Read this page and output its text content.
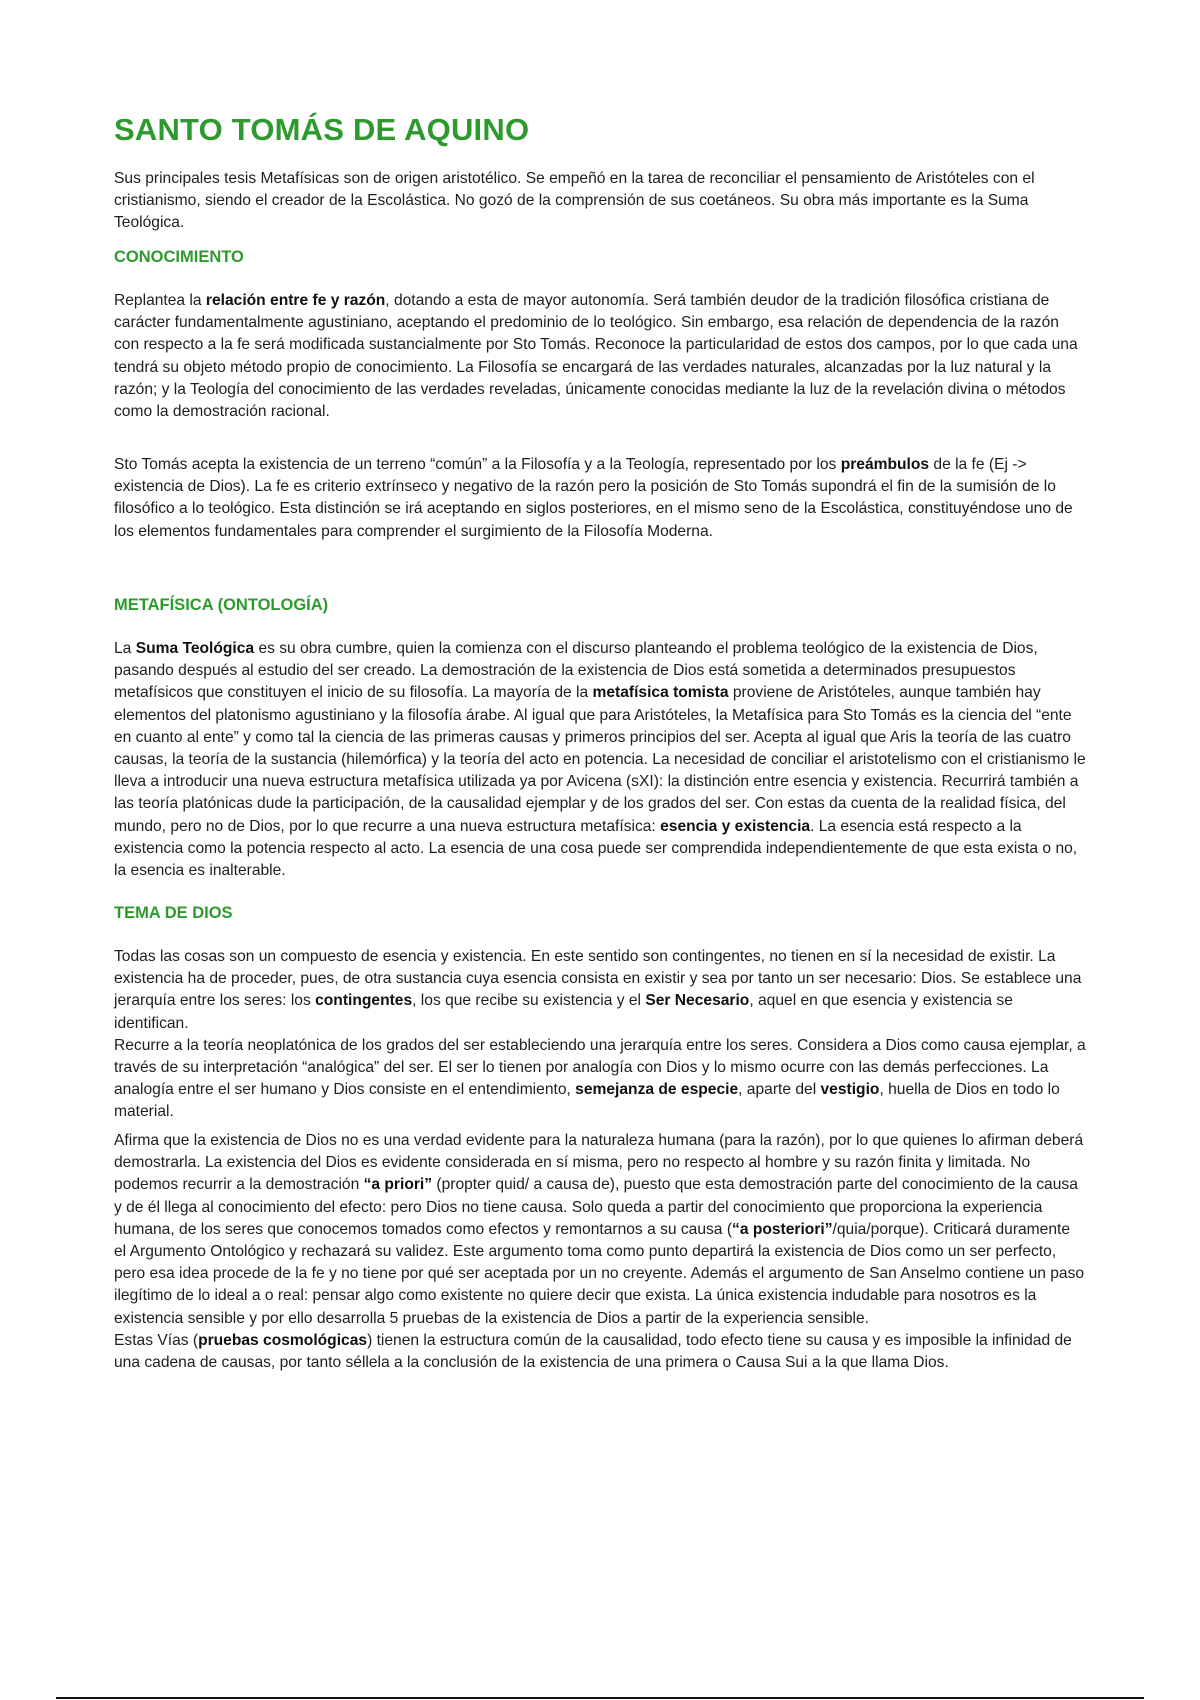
SANTO TOMÁS DE AQUINO

Sus principales tesis Metafísicas son de origen aristotélico. Se empeñó en la tarea de reconciliar el pensamiento de Aristóteles con el cristianismo, siendo el creador de la Escolástica. No gozó de la comprensión de sus coetáneos. Su obra más importante es la Suma Teológica.

CONOCIMIENTO

Replantea la relación entre fe y razón, dotando a esta de mayor autonomía. Será también deudor de la tradición filosófica cristiana de carácter fundamentalmente agustiniano, aceptando el predominio de lo teológico. Sin embargo, esa relación de dependencia de la razón con respecto a la fe será modificada sustancialmente por Sto Tomás. Reconoce la particularidad de estos dos campos, por lo que cada una tendrá su objeto método propio de conocimiento. La Filosofía se encargará de las verdades naturales, alcanzadas por la luz natural y la razón; y la Teología del conocimiento de las verdades reveladas, únicamente conocidas mediante la luz de la revelación divina o métodos como la demostración racional.

Sto Tomás acepta la existencia de un terreno “común” a la Filosofía y a la Teología, representado por los preámbulos de la fe (Ej -> existencia de Dios). La fe es criterio extrínseco y negativo de la razón pero la posición de Sto Tomás supondrá el fin de la sumisión de lo filosófico a lo teológico. Esta distinción se irá aceptando en siglos posteriores, en el mismo seno de la Escolástica, constituyéndose uno de los elementos fundamentales para comprender el surgimiento de la Filosofía Moderna.

METAFÍSICA (ONTOLOGÍA)

La Suma Teológica es su obra cumbre, quien la comienza con el discurso planteando el problema teológico de la existencia de Dios, pasando después al estudio del ser creado. La demostración de la existencia de Dios está sometida a determinados presupuestos metafísicos que constituyen el inicio de su filosofía. La mayoría de la metafísica tomista proviene de Aristóteles, aunque también hay elementos del platonismo agustiniano y la filosofía árabe. Al igual que para Aristóteles, la Metafísica para Sto Tomás es la ciencia del “ente en cuanto al ente” y como tal la ciencia de las primeras causas y primeros principios del ser. Acepta al igual que Aris la teoría de las cuatro causas, la teoría de la sustancia (hilemórfica) y la teoría del acto en potencia. La necesidad de conciliar el aristotelismo con el cristianismo le lleva a introducir una nueva estructura metafísica utilizada ya por Avicena (sXI): la distinción entre esencia y existencia. Recurrirá también a las teoría platónicas dude la participación, de la causalidad ejemplar y de los grados del ser. Con estas da cuenta de la realidad física, del mundo, pero no de Dios, por lo que recurre a una nueva estructura metafísica: esencia y existencia. La esencia está respecto a la existencia como la potencia respecto al acto. La esencia de una cosa puede ser comprendida independientemente de que esta exista o no, la esencia es inalterable.

TEMA DE DIOS

Todas las cosas son un compuesto de esencia y existencia. En este sentido son contingentes, no tienen en sí la necesidad de existir. La existencia ha de proceder, pues, de otra sustancia cuya esencia consista en existir y sea por tanto un ser necesario: Dios. Se establece una jerarquía entre los seres: los contingentes, los que recibe su existencia y el Ser Necesario, aquel en que esencia y existencia se identifican.
Recurre a la teoría neoplatónica de los grados del ser estableciendo una jerarquía entre los seres. Considera a Dios como causa ejemplar, a través de su interpretación “analógica” del ser. El ser lo tienen por analogía con Dios y lo mismo ocurre con las demás perfecciones. La analogía entre el ser humano y Dios consiste en el entendimiento, semejanza de especie, aparte del vestigio, huella de Dios en todo lo material.

Afirma que la existencia de Dios no es una verdad evidente para la naturaleza humana (para la razón), por lo que quienes lo afirman deberá demostrarla. La existencia del Dios es evidente considerada en sí misma, pero no respecto al hombre y su razón finita y limitada. No podemos recurrir a la demostración “a priori” (propter quid/ a causa de), puesto que esta demostración parte del conocimiento de la causa y de él llega al conocimiento del efecto: pero Dios no tiene causa. Solo queda a partir del conocimiento que proporciona la experiencia humana, de los seres que conocemos tomados como efectos y remontarnos a su causa (“a posteriori”/quia/porque). Criticará duramente el Argumento Ontológico y rechazará su validez. Este argumento toma como punto departirá la existencia de Dios como un ser perfecto, pero esa idea procede de la fe y no tiene por qué ser aceptada por un no creyente. Además el argumento de San Anselmo contiene un paso ilegítimo de lo ideal a o real: pensar algo como existente no quiere decir que exista. La única existencia indudable para nosotros es la existencia sensible y por ello desarrolla 5 pruebas de la existencia de Dios a partir de la experiencia sensible.
Estas Vías (pruebas cosmológicas) tienen la estructura común de la causalidad, todo efecto tiene su causa y es imposible la infinidad de una cadena de causas, por tanto séllela a la conclusión de la existencia de una primera o Causa Sui a la que llama Dios.
